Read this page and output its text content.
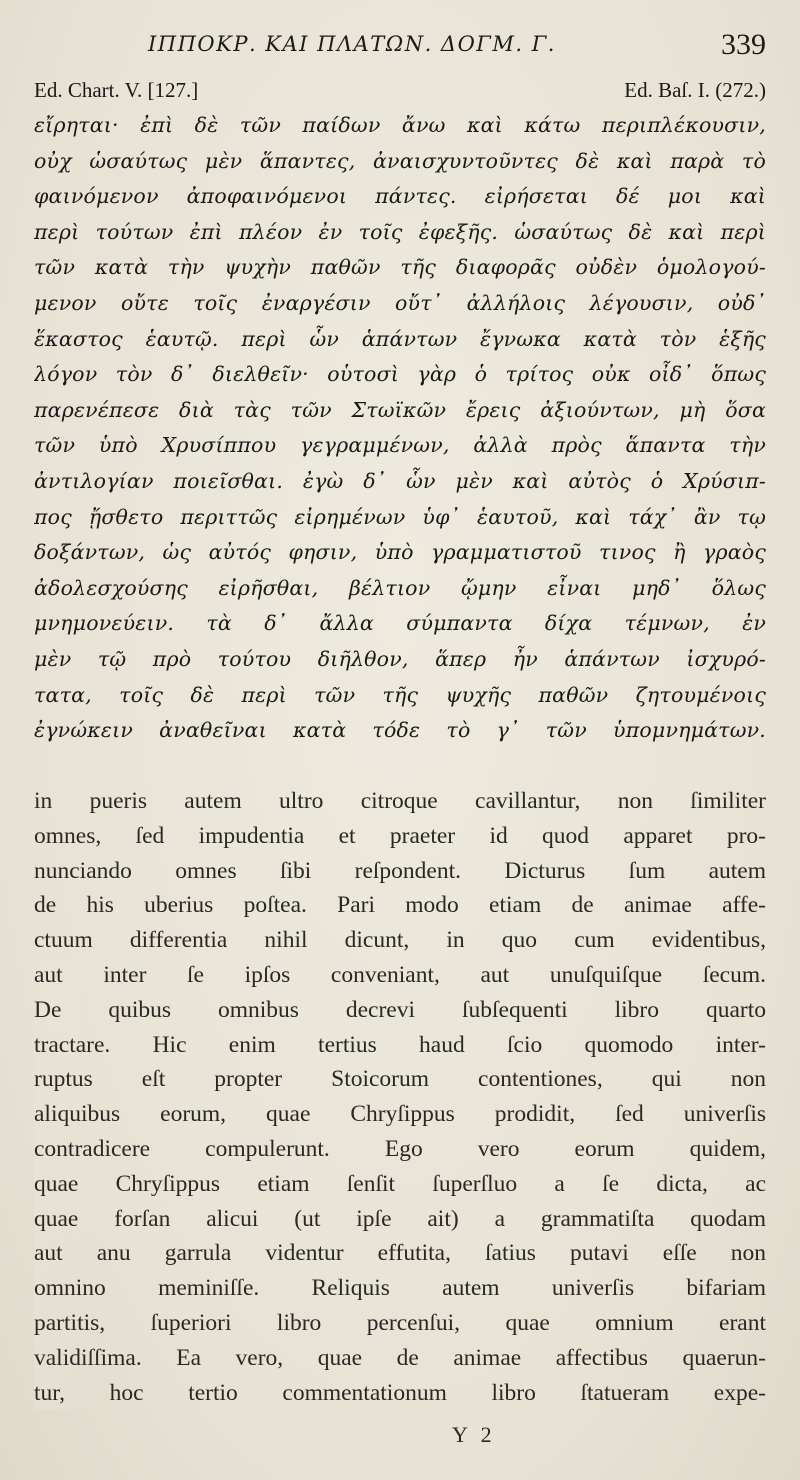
ΙΠΠΟΚΡ. ΚΑΙ ΠΛΑΤΩΝ. ΔΟΓΜ. Γ.	339
Ed. Chart. V. [127.]	Ed. Baſ. I. (272.)
εἴρηται· ἐπὶ δὲ τῶν παίδων ἄνω καὶ κάτω περιπλέκουσιν,
οὐχ ὡσαύτως μὲν ἅπαντες, ἀναισχυντοῦντες δὲ καὶ παρὰ τὸ
φαινόμενον ἀποφαινόμενοι πάντες. εἰρήσεται δέ μοι καὶ
περὶ τούτων ἐπὶ πλέον ἐν τοῖς ἐφεξῆς. ὡσαύτως δὲ καὶ περὶ
τῶν κατὰ τὴν ψυχὴν παθῶν τῆς διαφορᾶς οὐδὲν ὁμολογού-
μενον οὔτε τοῖς ἐναργέσιν οὔτ᾽ ἀλλήλοις λέγουσιν, οὐδ᾽
ἕκαστος ἑαυτῷ. περὶ ὧν ἁπάντων ἔγνωκα κατὰ τὸν ἑξῆς
λόγον τὸν δ᾽ διελθεῖν· οὑτοσὶ γὰρ ὁ τρίτος οὐκ οἶδ᾽ ὅπως
παρενέπεσε διὰ τὰς τῶν Στωϊκῶν ἔρεις ἀξιούντων, μὴ ὅσα
τῶν ὑπὸ Χρυσίππου γεγραμμένων, ἀλλὰ πρὸς ἅπαντα τὴν
ἀντιλογίαν ποιεῖσθαι. ἐγὼ δ᾽ ὧν μὲν καὶ αὐτὸς ὁ Χρύσιπ-
πος ᾔσθετο περιττῶς εἰρημένων ὑφ᾽ ἑαυτοῦ, καὶ τάχ᾽ ἂν τῳ
δοξάντων, ὡς αὐτός φησιν, ὑπὸ γραμματιστοῦ τινος ἢ γραὸς
ἀδολεσχούσης εἰρῆσθαι, βέλτιον ᾤμην εἶναι μηδ᾽ ὅλως
μνημονεύειν. τὰ δ᾽ ἄλλα σύμπαντα δίχα τέμνων, ἐν
μὲν τῷ πρὸ τούτου διῆλθον, ἅπερ ἦν ἁπάντων ἰσχυρό-
τατα, τοῖς δὲ περὶ τῶν τῆς ψυχῆς παθῶν ζητουμένοις
ἐγνώκειν ἀναθεῖναι κατὰ τόδε τὸ γ᾽ τῶν ὑπομνημάτων.
in pueris autem ultro citroque cavillantur, non ſimiliter
omnes, ſed impudentia et praeter id quod apparet pro-
nunciando omnes ſibi reſpondent. Dicturus ſum autem
de his uberius poſtea. Pari modo etiam de animae affe-
ctuum differentia nihil dicunt, in quo cum evidentibus,
aut inter ſe ipſos conveniant, aut unuſquiſque ſecum.
De quibus omnibus decrevi ſubſequenti libro quarto
tractare. Hic enim tertius haud ſcio quomodo inter-
ruptus eſt propter Stoicorum contentiones, qui non
aliquibus eorum, quae Chryſippus prodidit, ſed univerſis
contradicere compulerunt. Ego vero eorum quidem,
quae Chryſippus etiam ſenſit ſuperſluo a ſe dicta, ac
quae forſan alicui (ut ipſe ait) a grammatiſta quodam
aut anu garrula videntur effutita, ſatius putavi eſſe non
omnino meminiſſe. Reliquis autem univerſis bifariam
partitis, ſuperiori libro percenſui, quae omnium erant
validiſſima. Ea vero, quae de animae affectibus quaerun-
tur, hoc tertio commentationum libro ſtatueram expe-
Y 2
